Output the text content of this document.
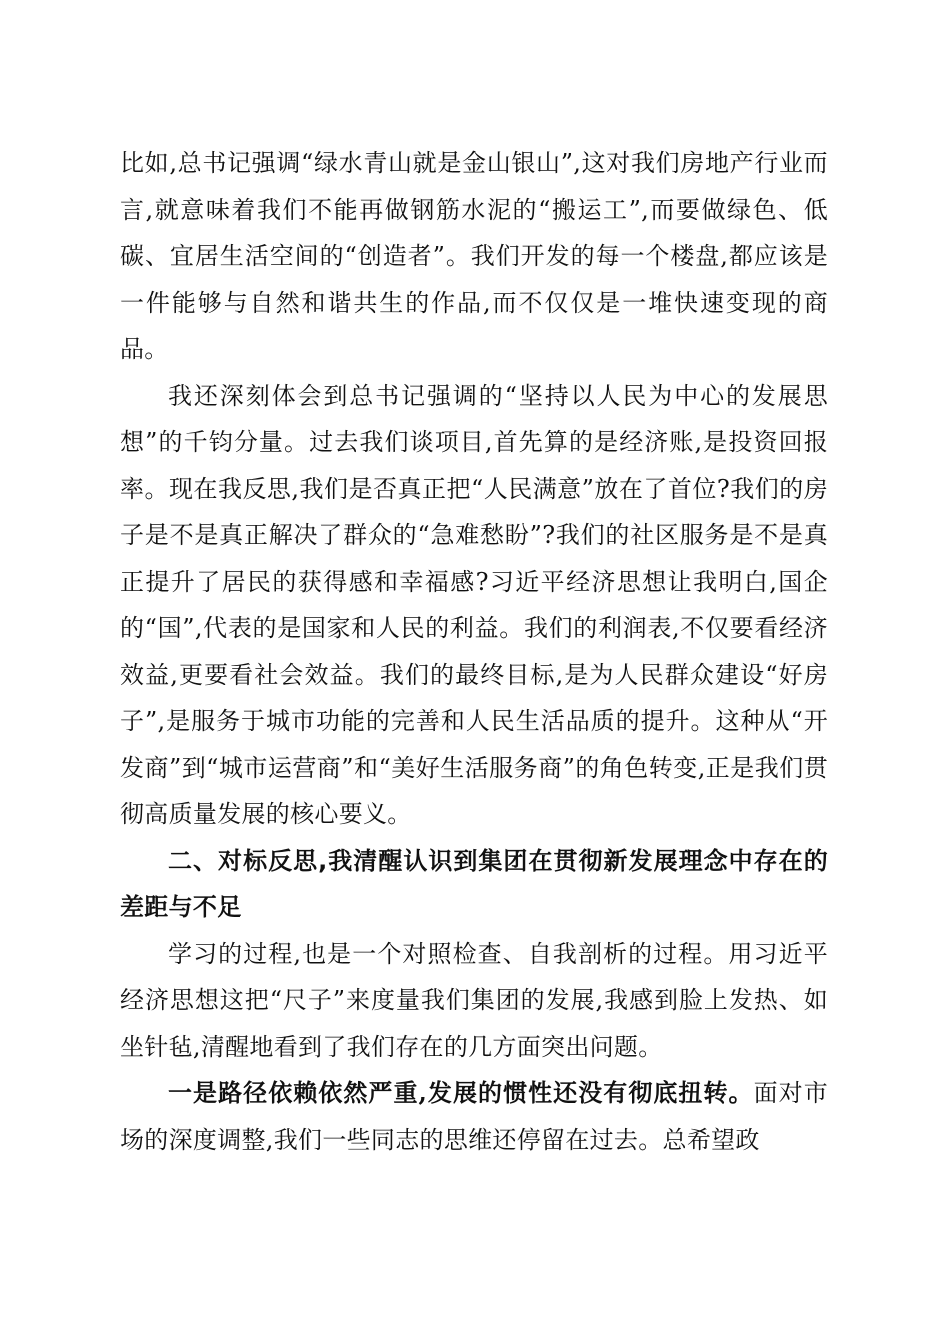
比如,总书记强调“绿水青山就是金山银山”,这对我们房地产行业而言,就意味着我们不能再做钢筋水泥的“搬运工”,而要做绿色、低碳、宜居生活空间的“创造者”。我们开发的每一个楼盘,都应该是一件能够与自然和谐共生的作品,而不仅仅是一堆快速变现的商品。

我还深刻体会到总书记强调的“坚持以人民为中心的发展思想”的千钧分量。过去我们谈项目,首先算的是经济账,是投资回报率。现在我反思,我们是否真正把“人民满意”放在了首位?我们的房子是不是真正解决了群众的“急难愁盼”?我们的社区服务是不是真正提升了居民的获得感和幸福感?习近平经济思想让我明白,国企的“国”,代表的是国家和人民的利益。我们的利润表,不仅要看经济效益,更要看社会效益。我们的最终目标,是为人民群众建设“好房子”,是服务于城市功能的完善和人民生活品质的提升。这种从“开发商”到“城市运营商”和“美好生活服务商”的角色转变,正是我们贯彻高质量发展的核心要义。

二、对标反思,我清醒认识到集团在贯彻新发展理念中存在的差距与不足

学习的过程,也是一个对照检查、自我剖析的过程。用习近平经济思想这把“尺子”来度量我们集团的发展,我感到脸上发热、如坐针毡,清醒地看到了我们存在的几方面突出问题。

一是路径依赖依然严重,发展的惯性还没有彻底扭转。面对市场的深度调整,我们一些同志的思维还停留在过去。总希望政
